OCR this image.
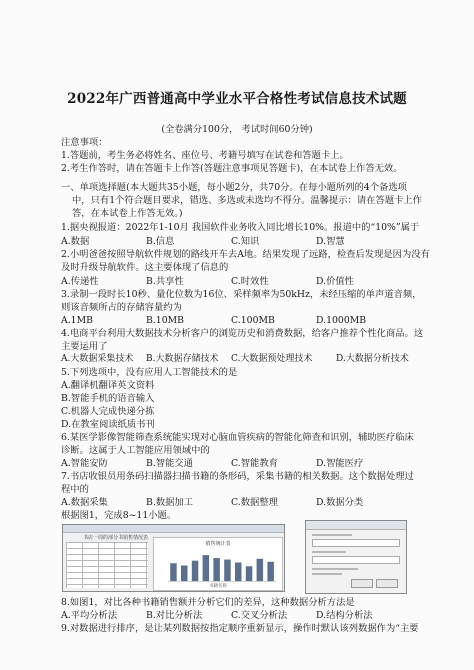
2022年广西普通高中学业水平合格性考试信息技术试题
(全卷满分100分， 考试时间60分钟)
注意事项：
1.答题前，考生务必将姓名、座位号、考籍号填写在试卷和答题卡上。
2.考生作答时，请在答题卡上作答(答题注意事项见答题卡)，在本试卷上作答无效。
一、单项选择题(本大题共35小题，每小题2分，共70分。在每小题所列的4个备选项
中，只有1个符合题目要求，错选、多选或未选均不得分。温馨提示：请在答题卡上作
答，在本试卷上作答无效。)
1.据央视报道：2022年1-10月 我国软件业务收入同比增长10%。报道中的“10%”属于
A.数据	B.信息	C.知识	D.智慧
2.小明爸爸按照导航软件规划的路线开车去A地。结果发现了远路，检查后发现是因为没有
及时升级导航软件。这主要体现了信息的
A.传递性	B.共享性	C.时效性	D.价值性
3.录制一段时长10秒、量化位数为16位、采样频率为50kHz，未经压缩的单声道音频，
则该音频所占的存储容量约为
A.1MB	B.10MB	C.100MB	D.1000MB
4.电商平台利用大数据技术分析客户的浏览历史和消费数据，给客户推荐个性化商品。这
主要运用了
A.大数据采集技术 B.大数据存储技术 C.大数据预处理技术	D.大数据分析技术
5.下列选项中，没有应用人工智能技术的是
A.翻译机翻译英文资料
B.智能手机的语音输入
C.机器人完成快递分拣
D.在教室阅读纸质书刊
6.某医学影像智能筛查系统能实现对心脑血管疾病的智能化筛查和识别，辅助医疗临床
诊断。这属于人工智能应用领域中的
A.智能安防	B.智能交通	C.智能教育	D.智能医疗
7.书店收银员用条码扫描器扫描书籍的条形码，采集书籍的相关数据。这个数据处理过
程中的
书店一周的部分书销售情况表
销售统计表
书籍名称
A.数据采集	B.数据加工	C.数据整理	D.数据分类
根据图1，完成8~11小题。
8.如图1，对比各种书籍销售额并分析它们的差异，这种数据分析方法是
A.平均分析法	B.对比分析法	C.交叉分析法	D.结构分析法
9.对数据进行排序，是让某列数据按指定顺序重新显示，操作时默认该列数据作为“主要
